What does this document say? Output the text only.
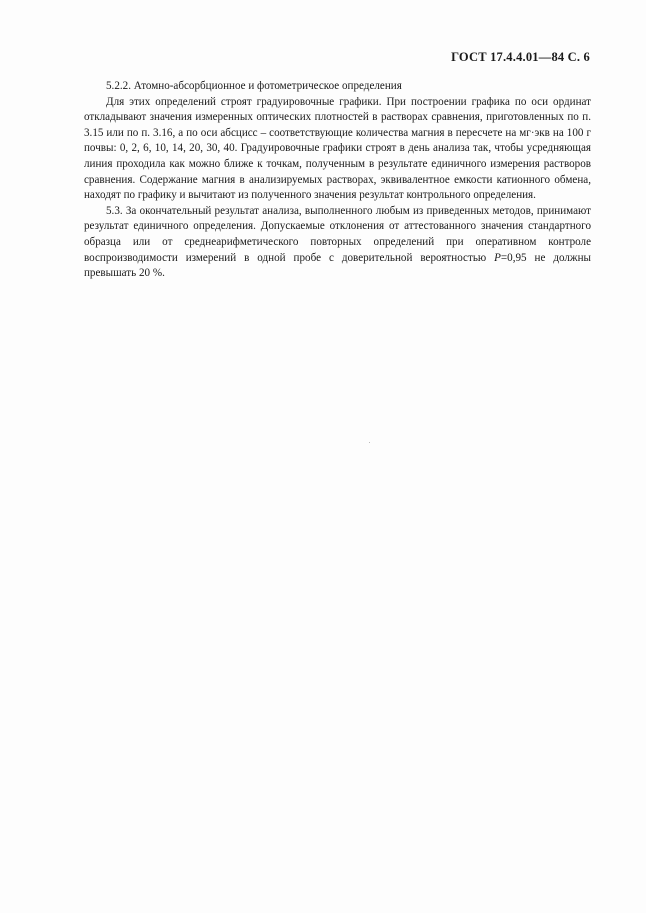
ГОСТ 17.4.4.01—84 С. 6

5.2.2. Атомно-абсорбционное и фотометрическое определения

Для этих определений строят градуировочные графики. При построении графика по оси ординат откладывают значения измеренных оптических плотностей в растворах сравнения, приготовленных по п. 3.15 или по п. 3.16, а по оси абсцисс – соответствующие количества магния в пересчете на мг·экв на 100 г почвы: 0, 2, 6, 10, 14, 20, 30, 40. Градуировочные графики строят в день анализа так, чтобы усредняющая линия проходила как можно ближе к точкам, полученным в результате единичного измерения растворов сравнения. Содержание магния в анализируемых растворах, эквивалентное емкости катионного обмена, находят по графику и вычитают из полученного значения результат контрольного определения.

5.3. За окончательный результат анализа, выполненного любым из приведенных методов, принимают результат единичного определения. Допускаемые отклонения от аттестованного значения стандартного образца или от среднеарифметического повторных определений при оперативном контроле воспроизводимости измерений в одной пробе с доверительной вероятностью P=0,95 не должны превышать 20 %.
